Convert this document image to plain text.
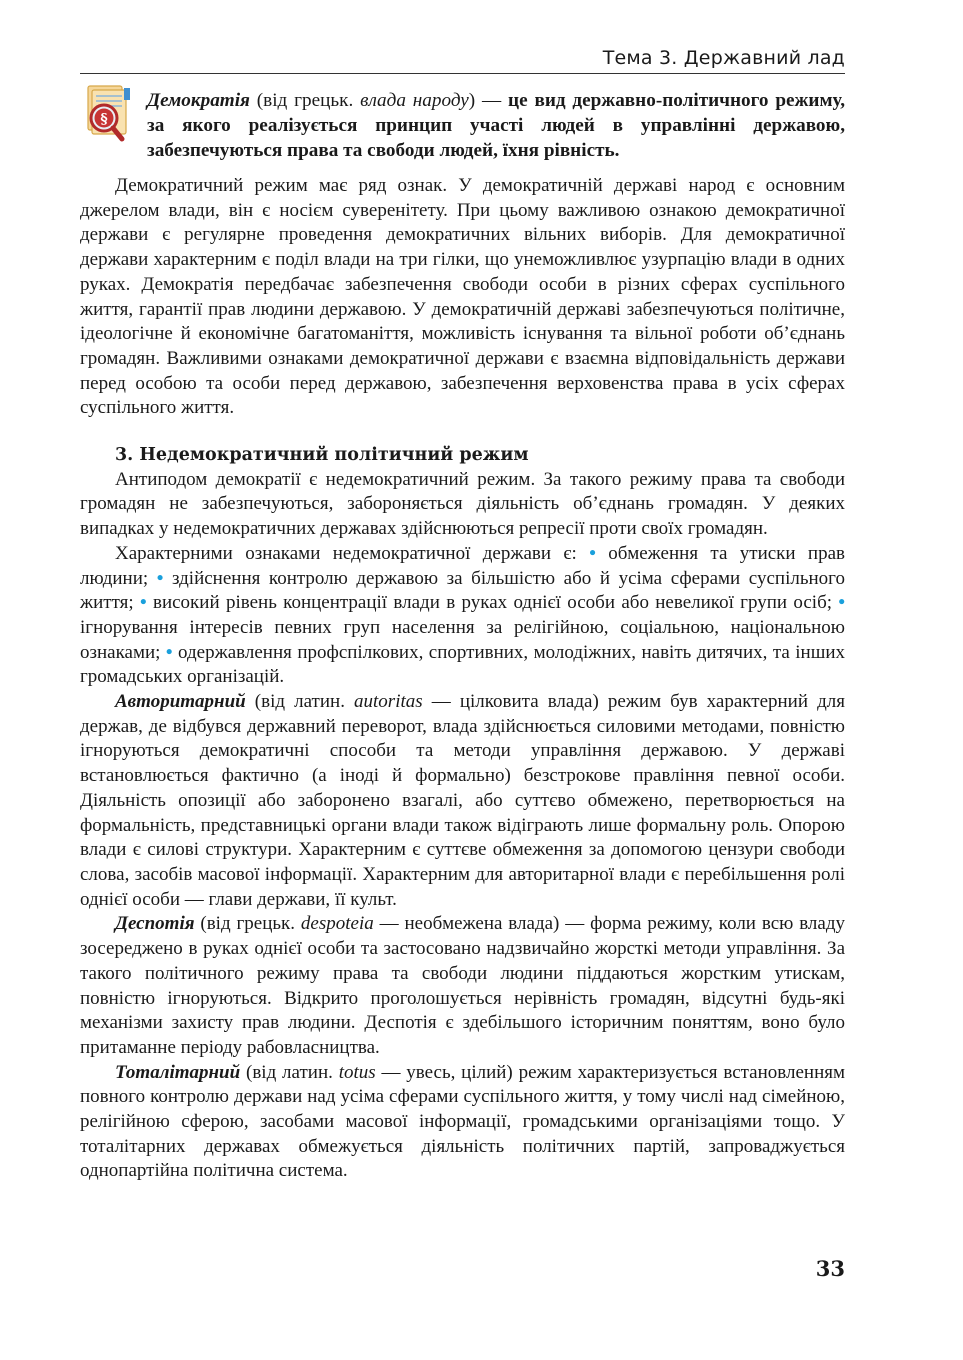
Тема 3. Державний лад
§

Демократія (від грецьк. влада народу) — це вид державно-політичного режиму, за якого реалізується принцип участі людей в управлінні державою, забезпечуються права та свободи людей, їхня рівність.

Демократичний режим має ряд ознак. У демократичній державі народ є основним джерелом влади, він є носієм суверенітету. При цьому важливою ознакою демократичної держави є регулярне проведення демократичних вільних виборів. Для демократичної держави характерним є поділ влади на три гілки, що унеможливлює узурпацію влади в одних руках. Демократія передбачає забезпечення свободи особи в різних сферах суспільного життя, гарантії прав людини державою. У демократичній державі забезпечуються політичне, ідеологічне й економічне багатоманіття, можливість існування та вільної роботи об’єднань громадян. Важливими ознаками демократичної держави є взаємна відповідальність держави перед особою та особи перед державою, забезпечення верховенства права в усіх сферах суспільного життя.

3. Недемократичний політичний режим

Антиподом демократії є недемократичний режим. За такого режиму права та свободи громадян не забезпечуються, забороняється діяльність об’єднань громадян. У деяких випадках у недемократичних державах здійснюються репресії проти своїх громадян.

Характерними ознаками недемократичної держави є: • обмеження та утиски прав людини; • здійснення контролю державою за більшістю або й усіма сферами суспільного життя; • високий рівень концентрації влади в руках однієї особи або невеликої групи осіб; • ігнорування інтересів певних груп населення за релігійною, соціальною, національною ознаками; • одержавлення профспілкових, спортивних, молодіжних, навіть дитячих, та інших громадських організацій.

Авторитарний (від латин. autoritas — цілковита влада) режим був характерний для держав, де відбувся державний переворот, влада здійснюється силовими методами, повністю ігноруються демократичні способи та методи управління державою. У державі встановлюється фактично (а іноді й формально) безстрокове правління певної особи. Діяльність опозиції або заборонено взагалі, або суттєво обмежено, перетворюється на формальність, представницькі органи влади також відіграють лише формальну роль. Опорою влади є силові структури. Характерним є суттєве обмеження за допомогою цензури свободи слова, засобів масової інформації. Характерним для авторитарної влади є перебільшення ролі однієї особи — глави держави, її культ.

Деспотія (від грецьк. despoteia — необмежена влада) — форма режиму, коли всю владу зосереджено в руках однієї особи та застосовано надзвичайно жорсткі методи управління. За такого політичного режиму права та свободи людини піддаються жорстким утискам, повністю ігноруються. Відкрито проголошується нерівність громадян, відсутні будь-які механізми захисту прав людини. Деспотія є здебільшого історичним поняттям, воно було притаманне періоду рабовласництва.

Тоталітарний (від латин. totus — увесь, цілий) режим характеризується встановленням повного контролю держави над усіма сферами суспільного життя, у тому числі над сімейною, релігійною сферою, засобами масової інформації, громадськими організаціями тощо. У тоталітарних державах обмежується діяльність політичних партій, запроваджується однопартійна політична система.

33
